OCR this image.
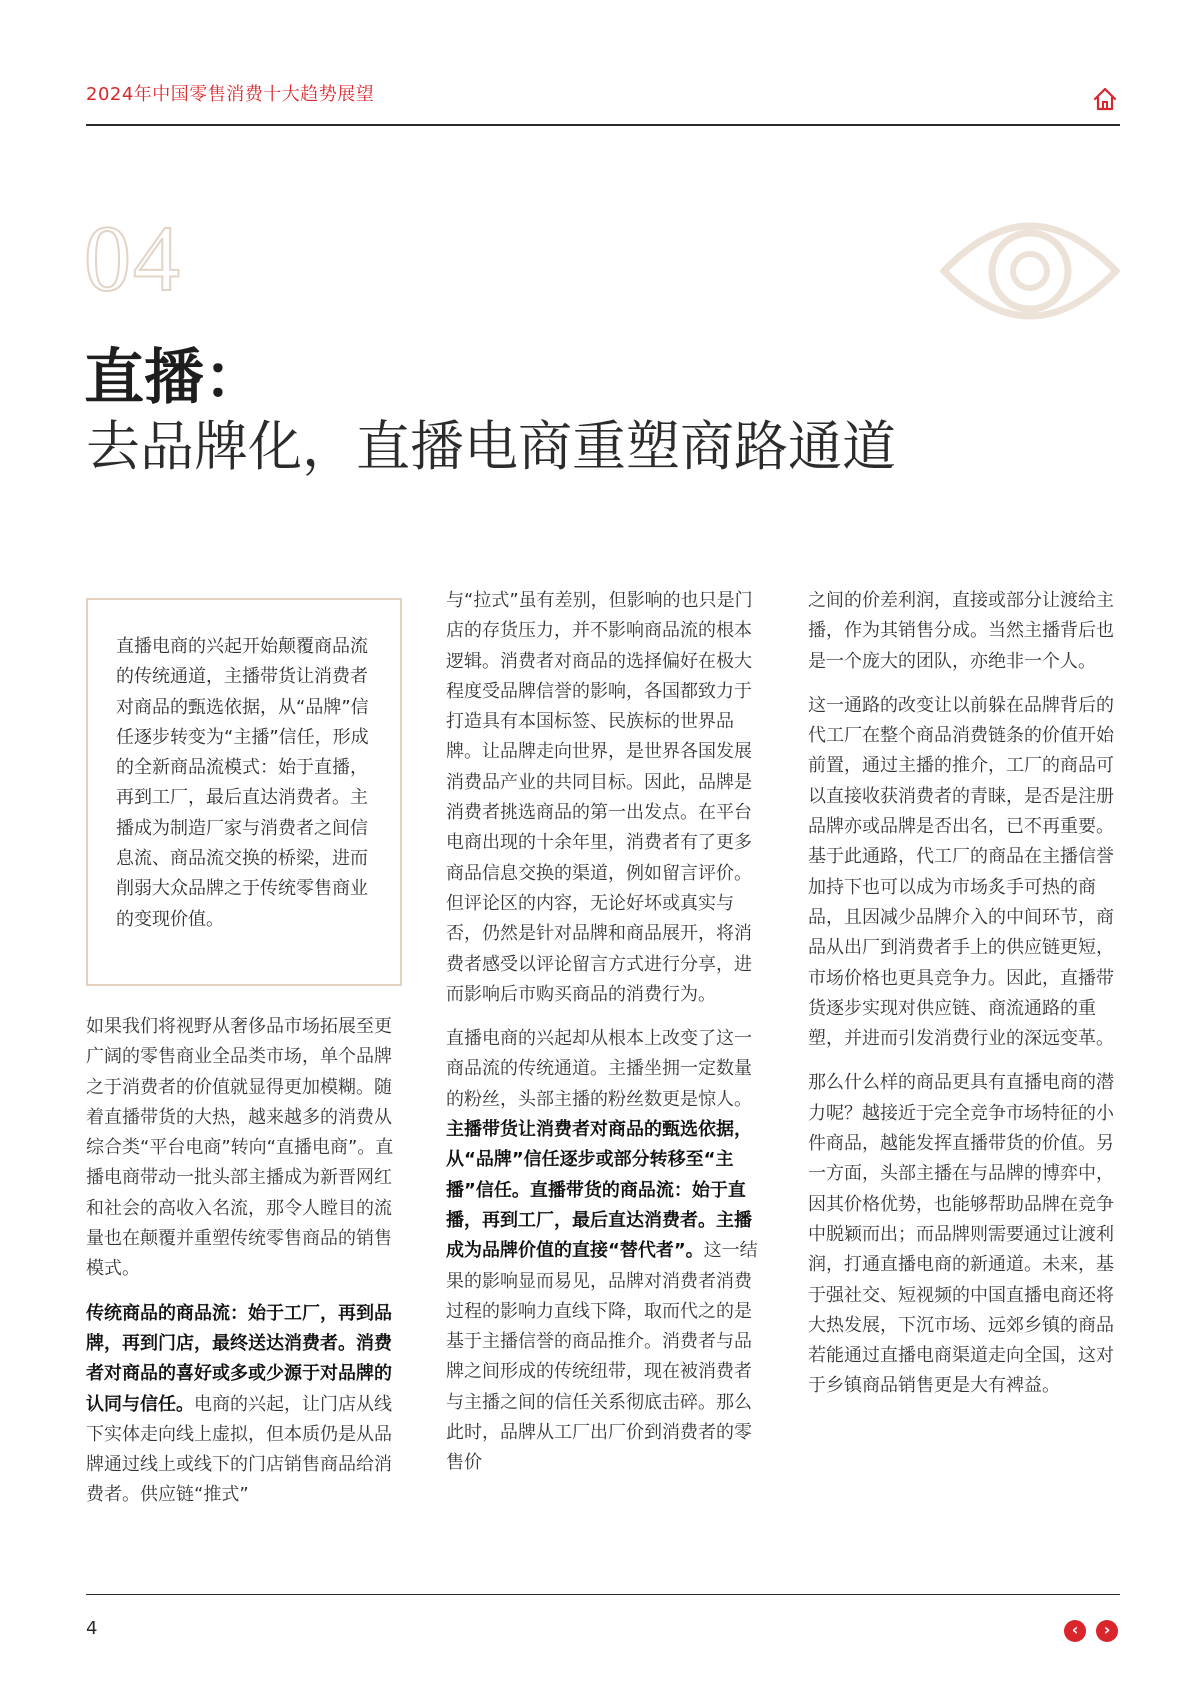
2024年中国零售消费十大趋势展望
04
直播：
去品牌化，直播电商重塑商路通道

直播电商的兴起开始颠覆商品流的传统通道，主播带货让消费者对商品的甄选依据，从“品牌”信任逐步转变为“主播”信任，形成的全新商品流模式：始于直播，再到工厂，最后直达消费者。主播成为制造厂家与消费者之间信息流、商品流交换的桥梁，进而削弱大众品牌之于传统零售商业的变现价值。

如果我们将视野从奢侈品市场拓展至更广阔的零售商业全品类市场，单个品牌之于消费者的价值就显得更加模糊。随着直播带货的大热，越来越多的消费从综合类“平台电商”转向“直播电商”。直播电商带动一批头部主播成为新晋网红和社会的高收入名流，那令人瞠目的流量也在颠覆并重塑传统零售商品的销售模式。

传统商品的商品流：始于工厂，再到品牌，再到门店，最终送达消费者。消费者对商品的喜好或多或少源于对品牌的认同与信任。电商的兴起，让门店从线下实体走向线上虚拟，但本质仍是从品牌通过线上或线下的门店销售商品给消费者。供应链“推式”

与“拉式”虽有差别，但影响的也只是门店的存货压力，并不影响商品流的根本逻辑。消费者对商品的选择偏好在极大程度受品牌信誉的影响，各国都致力于打造具有本国标签、民族标的世界品牌。让品牌走向世界，是世界各国发展消费品产业的共同目标。因此，品牌是消费者挑选商品的第一出发点。在平台电商出现的十余年里，消费者有了更多商品信息交换的渠道，例如留言评价。但评论区的内容，无论好坏或真实与否，仍然是针对品牌和商品展开，将消费者感受以评论留言方式进行分享，进而影响后市购买商品的消费行为。

直播电商的兴起却从根本上改变了这一商品流的传统通道。主播坐拥一定数量的粉丝，头部主播的粉丝数更是惊人。主播带货让消费者对商品的甄选依据，从“品牌”信任逐步或部分转移至“主播”信任。直播带货的商品流：始于直播，再到工厂，最后直达消费者。主播成为品牌价值的直接“替代者”。这一结果的影响显而易见，品牌对消费者消费过程的影响力直线下降，取而代之的是基于主播信誉的商品推介。消费者与品牌之间形成的传统纽带，现在被消费者与主播之间的信任关系彻底击碎。那么此时，品牌从工厂出厂价到消费者的零售价

之间的价差利润，直接或部分让渡给主播，作为其销售分成。当然主播背后也是一个庞大的团队，亦绝非一个人。

这一通路的改变让以前躲在品牌背后的代工厂在整个商品消费链条的价值开始前置，通过主播的推介，工厂的商品可以直接收获消费者的青睐，是否是注册品牌亦或品牌是否出名，已不再重要。基于此通路，代工厂的商品在主播信誉加持下也可以成为市场炙手可热的商品，且因减少品牌介入的中间环节，商品从出厂到消费者手上的供应链更短，市场价格也更具竞争力。因此，直播带货逐步实现对供应链、商流通路的重塑，并进而引发消费行业的深远变革。

那么什么样的商品更具有直播电商的潜力呢？越接近于完全竞争市场特征的小件商品，越能发挥直播带货的价值。另一方面，头部主播在与品牌的博弈中，因其价格优势，也能够帮助品牌在竞争中脱颖而出；而品牌则需要通过让渡利润，打通直播电商的新通道。未来，基于强社交、短视频的中国直播电商还将大热发展，下沉市场、远郊乡镇的商品若能通过直播电商渠道走向全国，这对于乡镇商品销售更是大有裨益。

4	‹	›
